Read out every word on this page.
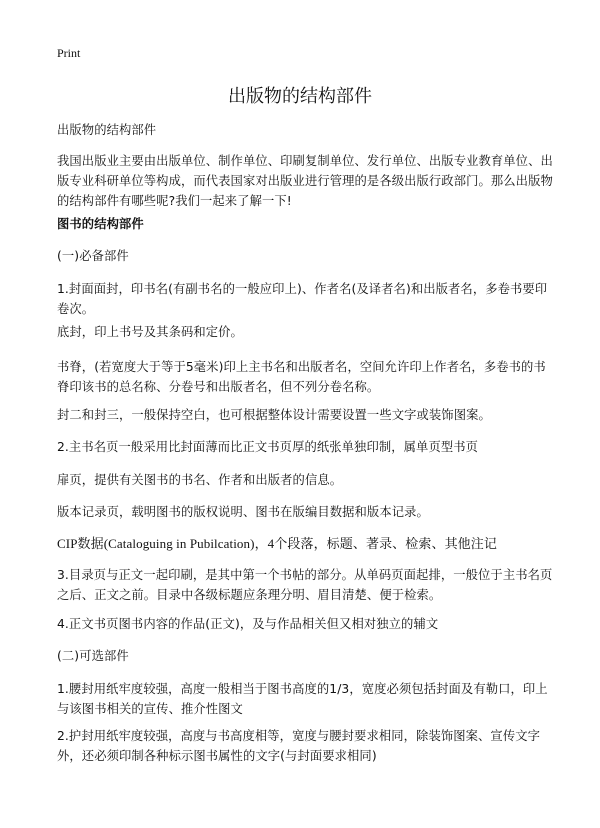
Print
出版物的结构部件

出版物的结构部件

我国出版业主要由出版单位、制作单位、印刷复制单位、发行单位、出版专业教育单位、出版专业科研单位等构成，而代表国家对出版业进行管理的是各级出版行政部门。那么出版物的结构部件有哪些呢?我们一起来了解一下!

图书的结构部件

(一)必备部件

1.封面面封，印书名(有副书名的一般应印上)、作者名(及译者名)和出版者名，多卷书要印卷次。

底封，印上书号及其条码和定价。

书脊，(若宽度大于等于5毫米)印上主书名和出版者名，空间允许印上作者名，多卷书的书脊印该书的总名称、分卷号和出版者名，但不列分卷名称。

封二和封三，一般保持空白，也可根据整体设计需要设置一些文字或装饰图案。

2.主书名页一般采用比封面薄而比正文书页厚的纸张单独印制，属单页型书页

扉页，提供有关图书的书名、作者和出版者的信息。

版本记录页，载明图书的版权说明、图书在版编目数据和版本记录。

CIP数据(Cataloguing in Pubilcation)，4个段落，标题、著录、检索、其他注记

3.目录页与正文一起印刷，是其中第一个书帖的部分。从单码页面起排，一般位于主书名页之后、正文之前。目录中各级标题应条理分明、眉目清楚、便于检索。

4.正文书页图书内容的作品(正文)，及与作品相关但又相对独立的辅文

(二)可选部件

1.腰封用纸牢度较强，高度一般相当于图书高度的1/3，宽度必须包括封面及有勒口，印上与该图书相关的宣传、推介性图文

2.护封用纸牢度较强，高度与书高度相等，宽度与腰封要求相同，除装饰图案、宣传文字外，还必须印制各种标示图书属性的文字(与封面要求相同)
